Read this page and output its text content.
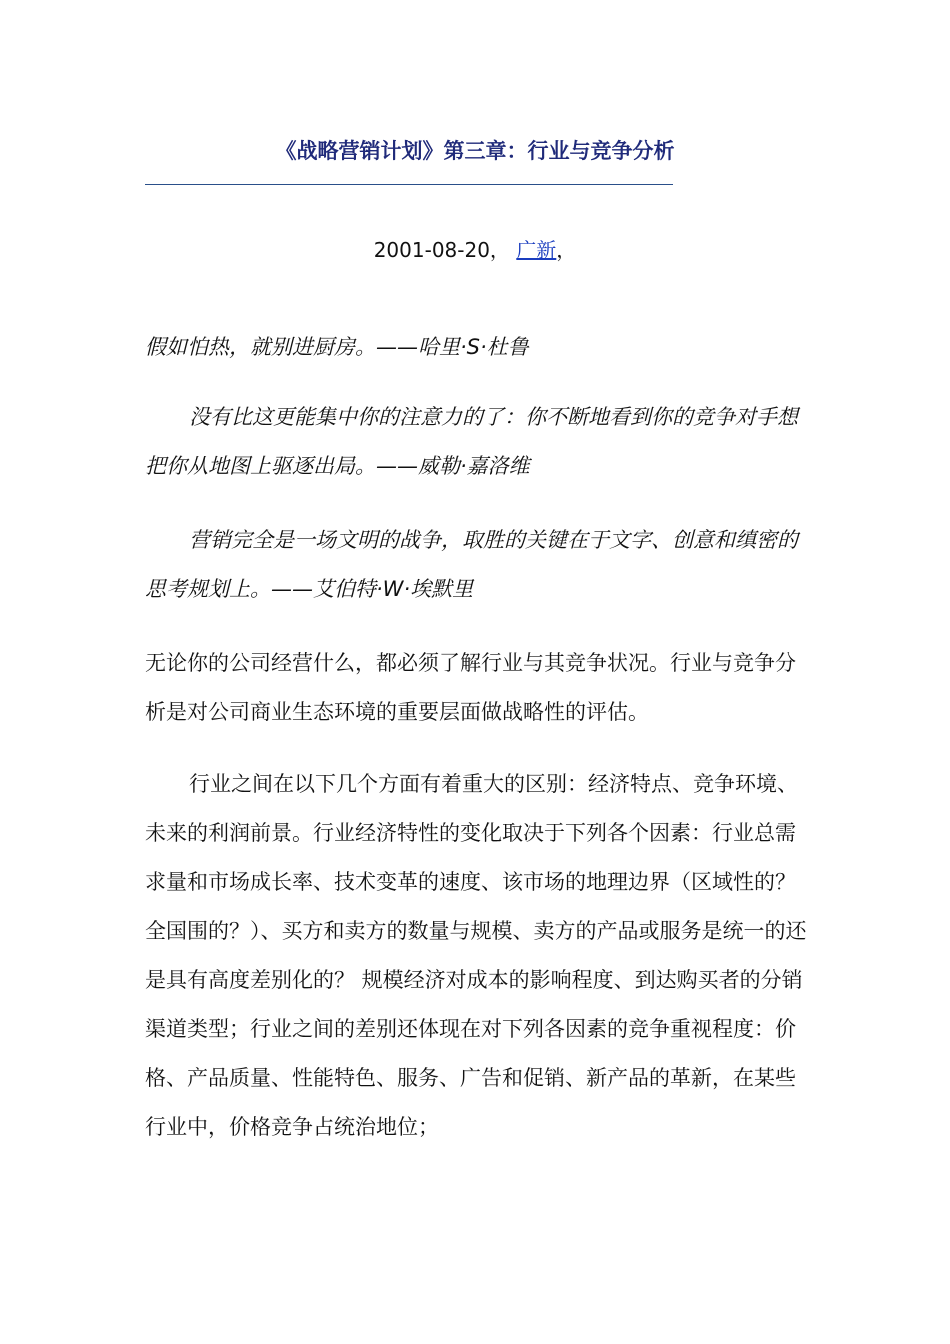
《战略营销计划》第三章：行业与竞争分析
2001-08-20， 广新，

假如怕热，就别进厨房。——哈里·S·杜鲁

没有比这更能集中你的注意力的了：你不断地看到你的竞争对手想把你从地图上驱逐出局。——威勒·嘉洛维

营销完全是一场文明的战争，取胜的关键在于文字、创意和缜密的思考规划上。——艾伯特·W·埃默里

无论你的公司经营什么，都必须了解行业与其竞争状况。行业与竞争分析是对公司商业生态环境的重要层面做战略性的评估。

行业之间在以下几个方面有着重大的区别：经济特点、竞争环境、未来的利润前景。行业经济特性的变化取决于下列各个因素：行业总需求量和市场成长率、技术变革的速度、该市场的地理边界（区域性的？全国围的？）、买方和卖方的数量与规模、卖方的产品或服务是统一的还是具有高度差别化的？ 规模经济对成本的影响程度、到达购买者的分销渠道类型；行业之间的差别还体现在对下列各因素的竞争重视程度：价格、产品质量、性能特色、服务、广告和促销、新产品的革新，在某些行业中，价格竞争占统治地位；
